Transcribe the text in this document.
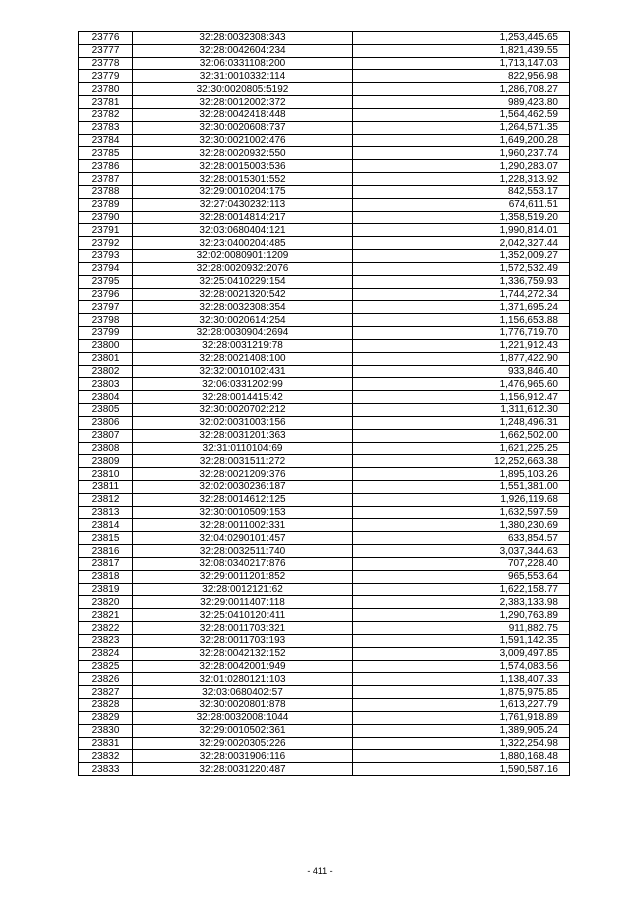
23776	32:28:0032308:343	1,253,445.65
23777	32:28:0042604:234	1,821,439.55
23778	32:06:0331108:200	1,713,147.03
23779	32:31:0010332:114	822,956.98
23780	32:30:0020805:5192	1,286,708.27
23781	32:28:0012002:372	989,423.80
23782	32:28:0042418:448	1,564,462.59
23783	32:30:0020608:737	1,264,571.35
23784	32:30:0021002:476	1,649,200.28
23785	32:28:0020932:550	1,960,237.74
23786	32:28:0015003:536	1,290,283.07
23787	32:28:0015301:552	1,228,313.92
23788	32:29:0010204:175	842,553.17
23789	32:27:0430232:113	674,611.51
23790	32:28:0014814:217	1,358,519.20
23791	32:03:0680404:121	1,990,814.01
23792	32:23:0400204:485	2,042,327.44
23793	32:02:0080901:1209	1,352,009.27
23794	32:28:0020932:2076	1,572,532.49
23795	32:25:0410229:154	1,336,759.93
23796	32:28:0021320:542	1,744,272.34
23797	32:28:0032308:354	1,371,695.24
23798	32:30:0020614:254	1,156,653.88
23799	32:28:0030904:2694	1,776,719.70
23800	32:28:0031219:78	1,221,912.43
23801	32:28:0021408:100	1,877,422.90
23802	32:32:0010102:431	933,846.40
23803	32:06:0331202:99	1,476,965.60
23804	32:28:0014415:42	1,156,912.47
23805	32:30:0020702:212	1,311,612.30
23806	32:02:0031003:156	1,248,496.31
23807	32:28:0031201:363	1,662,502.00
23808	32:31:0110104:69	1,621,225.25
23809	32:28:0031511:272	12,252,663.38
23810	32:28:0021209:376	1,895,103.26
23811	32:02:0030236:187	1,551,381.00
23812	32:28:0014612:125	1,926,119.68
23813	32:30:0010509:153	1,632,597.59
23814	32:28:0011002:331	1,380,230.69
23815	32:04:0290101:457	633,854.57
23816	32:28:0032511:740	3,037,344.63
23817	32:08:0340217:876	707,228.40
23818	32:29:0011201:852	965,553.64
23819	32:28:0012121:62	1,622,158.77
23820	32:29:0011407:118	2,383,133.98
23821	32:25:0410120:411	1,290,763.89
23822	32:28:0011703:321	911,882.75
23823	32:28:0011703:193	1,591,142.35
23824	32:28:0042132:152	3,009,497.85
23825	32:28:0042001:949	1,574,083.56
23826	32:01:0280121:103	1,138,407.33
23827	32:03:0680402:57	1,875,975.85
23828	32:30:0020801:878	1,613,227.79
23829	32:28:0032008:1044	1,761,918.89
23830	32:29:0010502:361	1,389,905.24
23831	32:29:0020305:226	1,322,254.98
23832	32:28:0031906:116	1,880,168.48
23833	32:28:0031220:487	1,590,587.16
- 411 -
